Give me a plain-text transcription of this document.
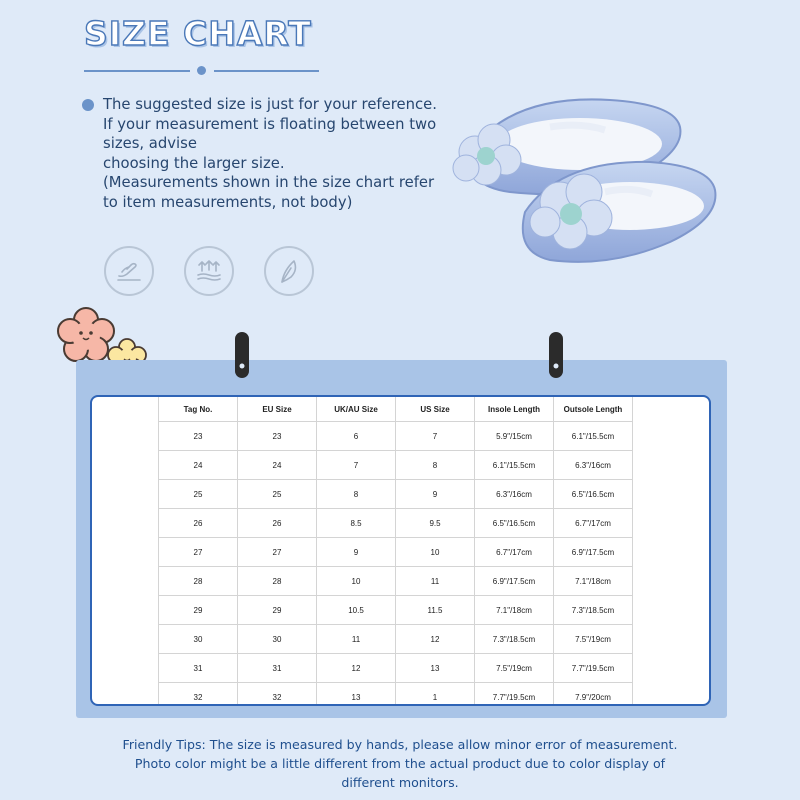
SIZE CHART

The suggested size is just for your reference. If your measurement is floating between two sizes, advise
choosing the larger size.
(Measurements shown in the size chart refer to item measurements, not body)

Tag No.	EU Size	UK/AU Size	US Size	Insole Length	Outsole Length
23	23	6	7	5.9"/15cm	6.1"/15.5cm
24	24	7	8	6.1"/15.5cm	6.3"/16cm
25	25	8	9	6.3"/16cm	6.5"/16.5cm
26	26	8.5	9.5	6.5"/16.5cm	6.7"/17cm
27	27	9	10	6.7"/17cm	6.9"/17.5cm
28	28	10	11	6.9"/17.5cm	7.1"/18cm
29	29	10.5	11.5	7.1"/18cm	7.3"/18.5cm
30	30	11	12	7.3"/18.5cm	7.5"/19cm
31	31	12	13	7.5"/19cm	7.7"/19.5cm
32	32	13	1	7.7"/19.5cm	7.9"/20cm

Friendly Tips: The size is measured by hands, please allow minor error of measurement.
Photo color might be a little different from the actual product due to color display of
different monitors.
